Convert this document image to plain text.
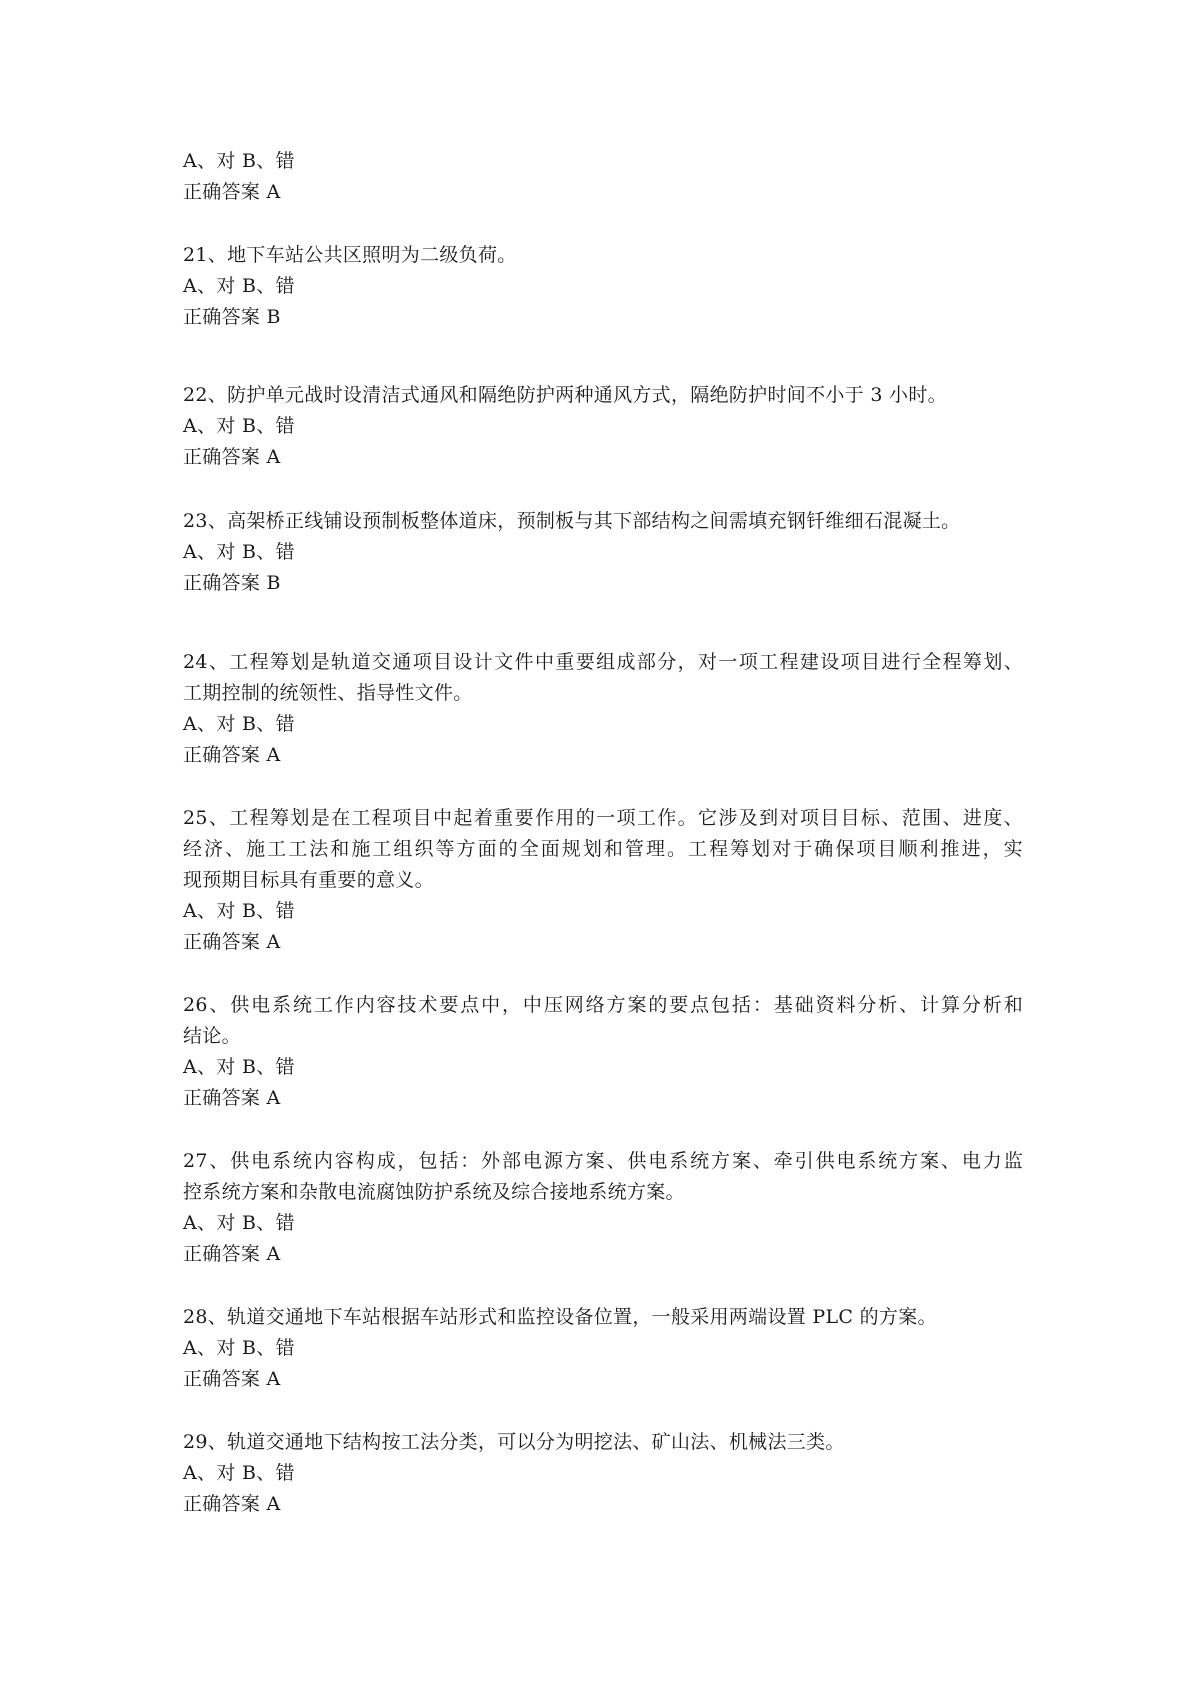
A、对 B、错
正确答案 A
21、地下车站公共区照明为二级负荷。
A、对 B、错
正确答案 B
22、防护单元战时设清洁式通风和隔绝防护两种通风方式，隔绝防护时间不小于 3 小时。
A、对 B、错
正确答案 A
23、高架桥正线铺设预制板整体道床，预制板与其下部结构之间需填充钢钎维细石混凝土。
A、对 B、错
正确答案 B
24、工程筹划是轨道交通项目设计文件中重要组成部分，对一项工程建设项目进行全程筹划、
工期控制的统领性、指导性文件。
A、对 B、错
正确答案 A
25、工程筹划是在工程项目中起着重要作用的一项工作。它涉及到对项目目标、范围、进度、
经济、施工工法和施工组织等方面的全面规划和管理。工程筹划对于确保项目顺利推进，实
现预期目标具有重要的意义。
A、对 B、错
正确答案 A
26、供电系统工作内容技术要点中，中压网络方案的要点包括：基础资料分析、计算分析和
结论。
A、对 B、错
正确答案 A
27、供电系统内容构成，包括：外部电源方案、供电系统方案、牵引供电系统方案、电力监
控系统方案和杂散电流腐蚀防护系统及综合接地系统方案。
A、对 B、错
正确答案 A
28、轨道交通地下车站根据车站形式和监控设备位置，一般采用两端设置 PLC 的方案。
A、对 B、错
正确答案 A
29、轨道交通地下结构按工法分类，可以分为明挖法、矿山法、机械法三类。
A、对 B、错
正确答案 A
